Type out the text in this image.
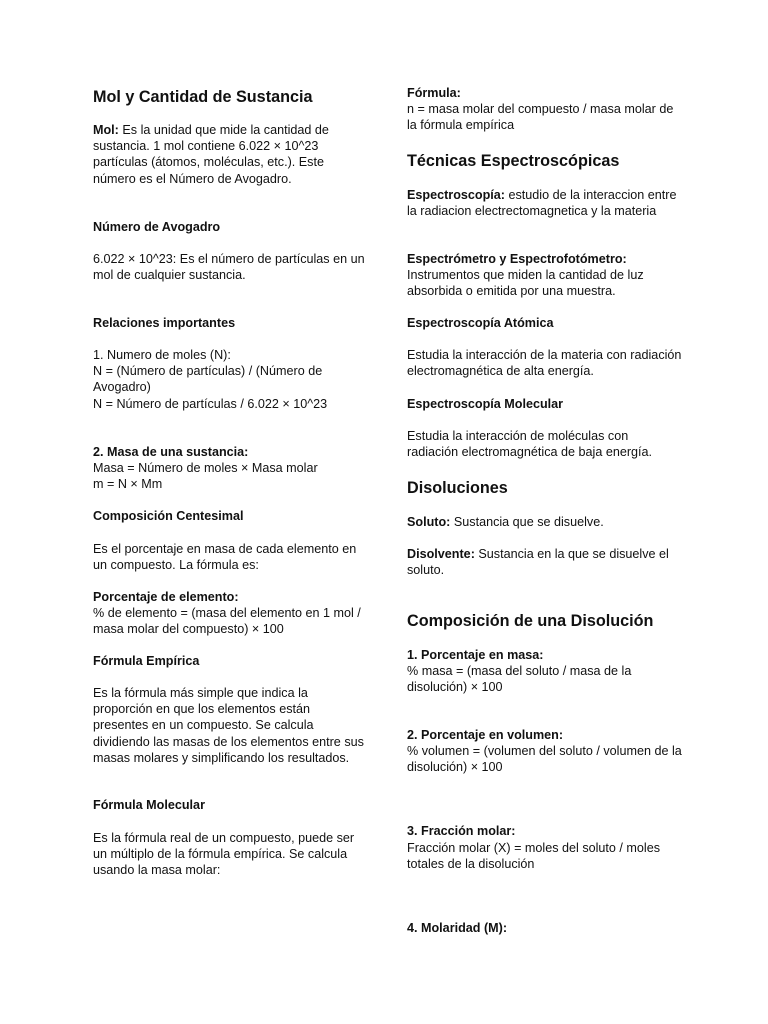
Mol y Cantidad de Sustancia

Mol: Es la unidad que mide la cantidad de sustancia. 1 mol contiene 6.022 × 10^23 partículas (átomos, moléculas, etc.). Este número es el Número de Avogadro.

Número de Avogadro
6.022 × 10^23: Es el número de partículas en un mol de cualquier sustancia.
Relaciones importantes
1. Numero de moles (N):
N = (Número de partículas) / (Número de Avogadro)
N = Número de partículas / 6.022 × 10^23
2. Masa de una sustancia:
Masa = Número de moles × Masa molar
m = N × Mm
Composición Centesimal
Es el porcentaje en masa de cada elemento en un compuesto. La fórmula es:
Porcentaje de elemento:
% de elemento = (masa del elemento en 1 mol / masa molar del compuesto) × 100
Fórmula Empírica
Es la fórmula más simple que indica la proporción en que los elementos están presentes en un compuesto. Se calcula dividiendo las masas de los elementos entre sus masas molares y simplificando los resultados.
Fórmula Molecular
Es la fórmula real de un compuesto, puede ser un múltiplo de la fórmula empírica. Se calcula usando la masa molar:
Fórmula:
n = masa molar del compuesto / masa molar de la fórmula empírica
Técnicas Espectroscópicas

Espectroscopía: estudio de la interaccion entre la radiacion electrectomagnetica y la materia

Espectrómetro y Espectrofotómetro:
Instrumentos que miden la cantidad de luz absorbida o emitida por una muestra.
Espectroscopía Atómica
Estudia la interacción de la materia con radiación electromagnética de alta energía.
Espectroscopía Molecular
Estudia la interacción de moléculas con radiación electromagnética de baja energía.
Disoluciones

Soluto: Sustancia que se disuelve.

Disolvente: Sustancia en la que se disuelve el soluto.

Composición de una Disolución
1. Porcentaje en masa:
% masa = (masa del soluto / masa de la disolución) × 100
2. Porcentaje en volumen:
% volumen = (volumen del soluto / volumen de la disolución) × 100
3. Fracción molar:
Fracción molar (X) = moles del soluto / moles totales de la disolución
4. Molaridad (M):
